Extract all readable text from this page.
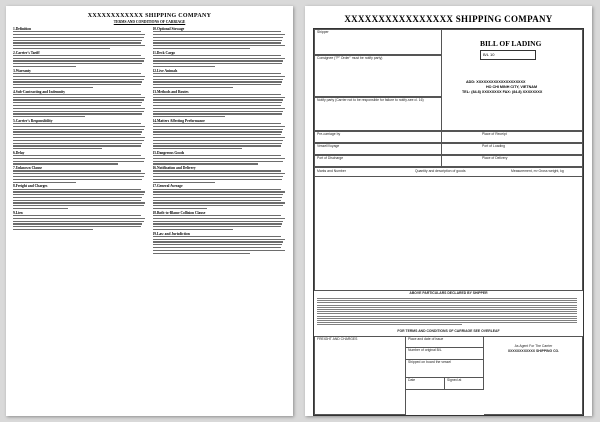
XXXXXXXXXXXX SHIPPING COMPANY
TERMS AND CONDITIONS OF CARRIAGE
1.Definition
2.Carrier's Tariff
3.Warranty
4.Sub-Contracting and Indemnity
5.Carrier's Responsibility
6.Delay
7.Unknown Clause
8.Freight and Charges
9.Lien
10.Optional Stowage
11.Deck Cargo
12.Live Animals
13.Methods and Routes
14.Matters Affecting Performance
15.Dangerous Goods
16.Notification and Delivery
17.General Average
18.Both-to-Blame Collision Clause
19.Law and Jurisdiction
XXXXXXXXXXXXXXXX SHIPPING COMPANY
Shipper
Consignee ("P" Order" must be notify party)
Notify party (Carrier not to be responsible for failure to notify-see cl. 16)
BILL OF LADING
B/L 10
ADD: XXXXXXXXXXXXXXXXXXXX
HO CHI MINH CITY, VIETNAM
TEL: (84.8) XXXXXXXX FAX: (84.8) XXXXXXXX
Pre-carriage by	Place of Receipt
Vessel/Voyage	Port of Loading
Port of Discharge	Place of Delivery
Marks and Number	Quantity and description of goods	Measurement, m³ Gross weight, kg
ABOVE PARTICULARS DECLARED BY SHIPPER
FOR TERMS AND CONDITIONS OF CARRIAGE SEE OVERLEAF
FREIGHT AND CHARGES	Place and date of issue
Number of original B/L
Shipped on board the vessel
Date	Signed at
As Agent For The Carrier
XXXXXXXXXXXX SHIPPING CO.
